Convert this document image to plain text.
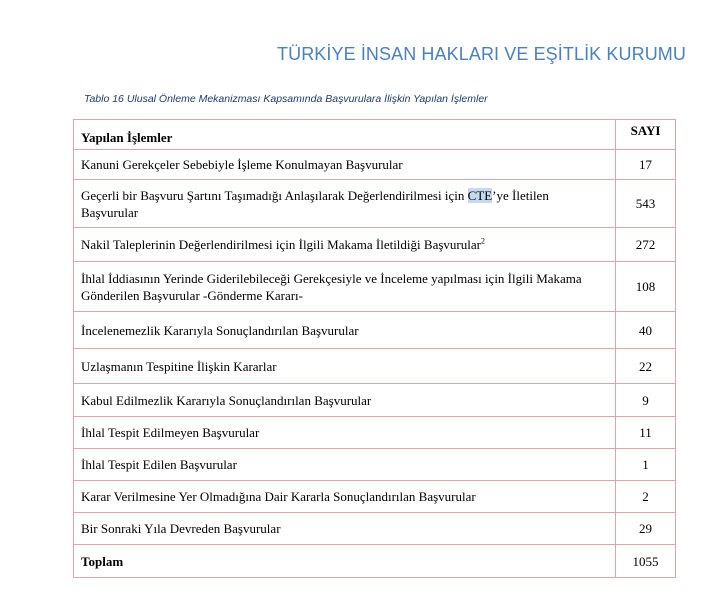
TÜRKİYE İNSAN HAKLARI VE EŞİTLİK KURUMU
Tablo 16 Ulusal Önleme Mekanizması Kapsamında Başvurulara İlişkin Yapılan İşlemler
Yapılan İşlemler	SAYI
Kanuni Gerekçeler Sebebiyle İşleme Konulmayan Başvurular	17
Geçerli bir Başvuru Şartını Taşımadığı Anlaşılarak Değerlendirilmesi için CTE’ye İletilen Başvurular	543
Nakil Taleplerinin Değerlendirilmesi için İlgili Makama İletildiği Başvurular$^2$	272
İhlal İddiasının Yerinde Giderilebileceği Gerekçesiyle ve İnceleme yapılması için İlgili Makama Gönderilen Başvurular -Gönderme Kararı-	108
İncelenemezlik Kararıyla Sonuçlandırılan Başvurular	40
Uzlaşmanın Tespitine İlişkin Kararlar	22
Kabul Edilmezlik Kararıyla Sonuçlandırılan Başvurular	9
İhlal Tespit Edilmeyen Başvurular	11
İhlal Tespit Edilen Başvurular	1
Karar Verilmesine Yer Olmadığına Dair Kararla Sonuçlandırılan Başvurular	2
Bir Sonraki Yıla Devreden Başvurular	29
Toplam	1055
